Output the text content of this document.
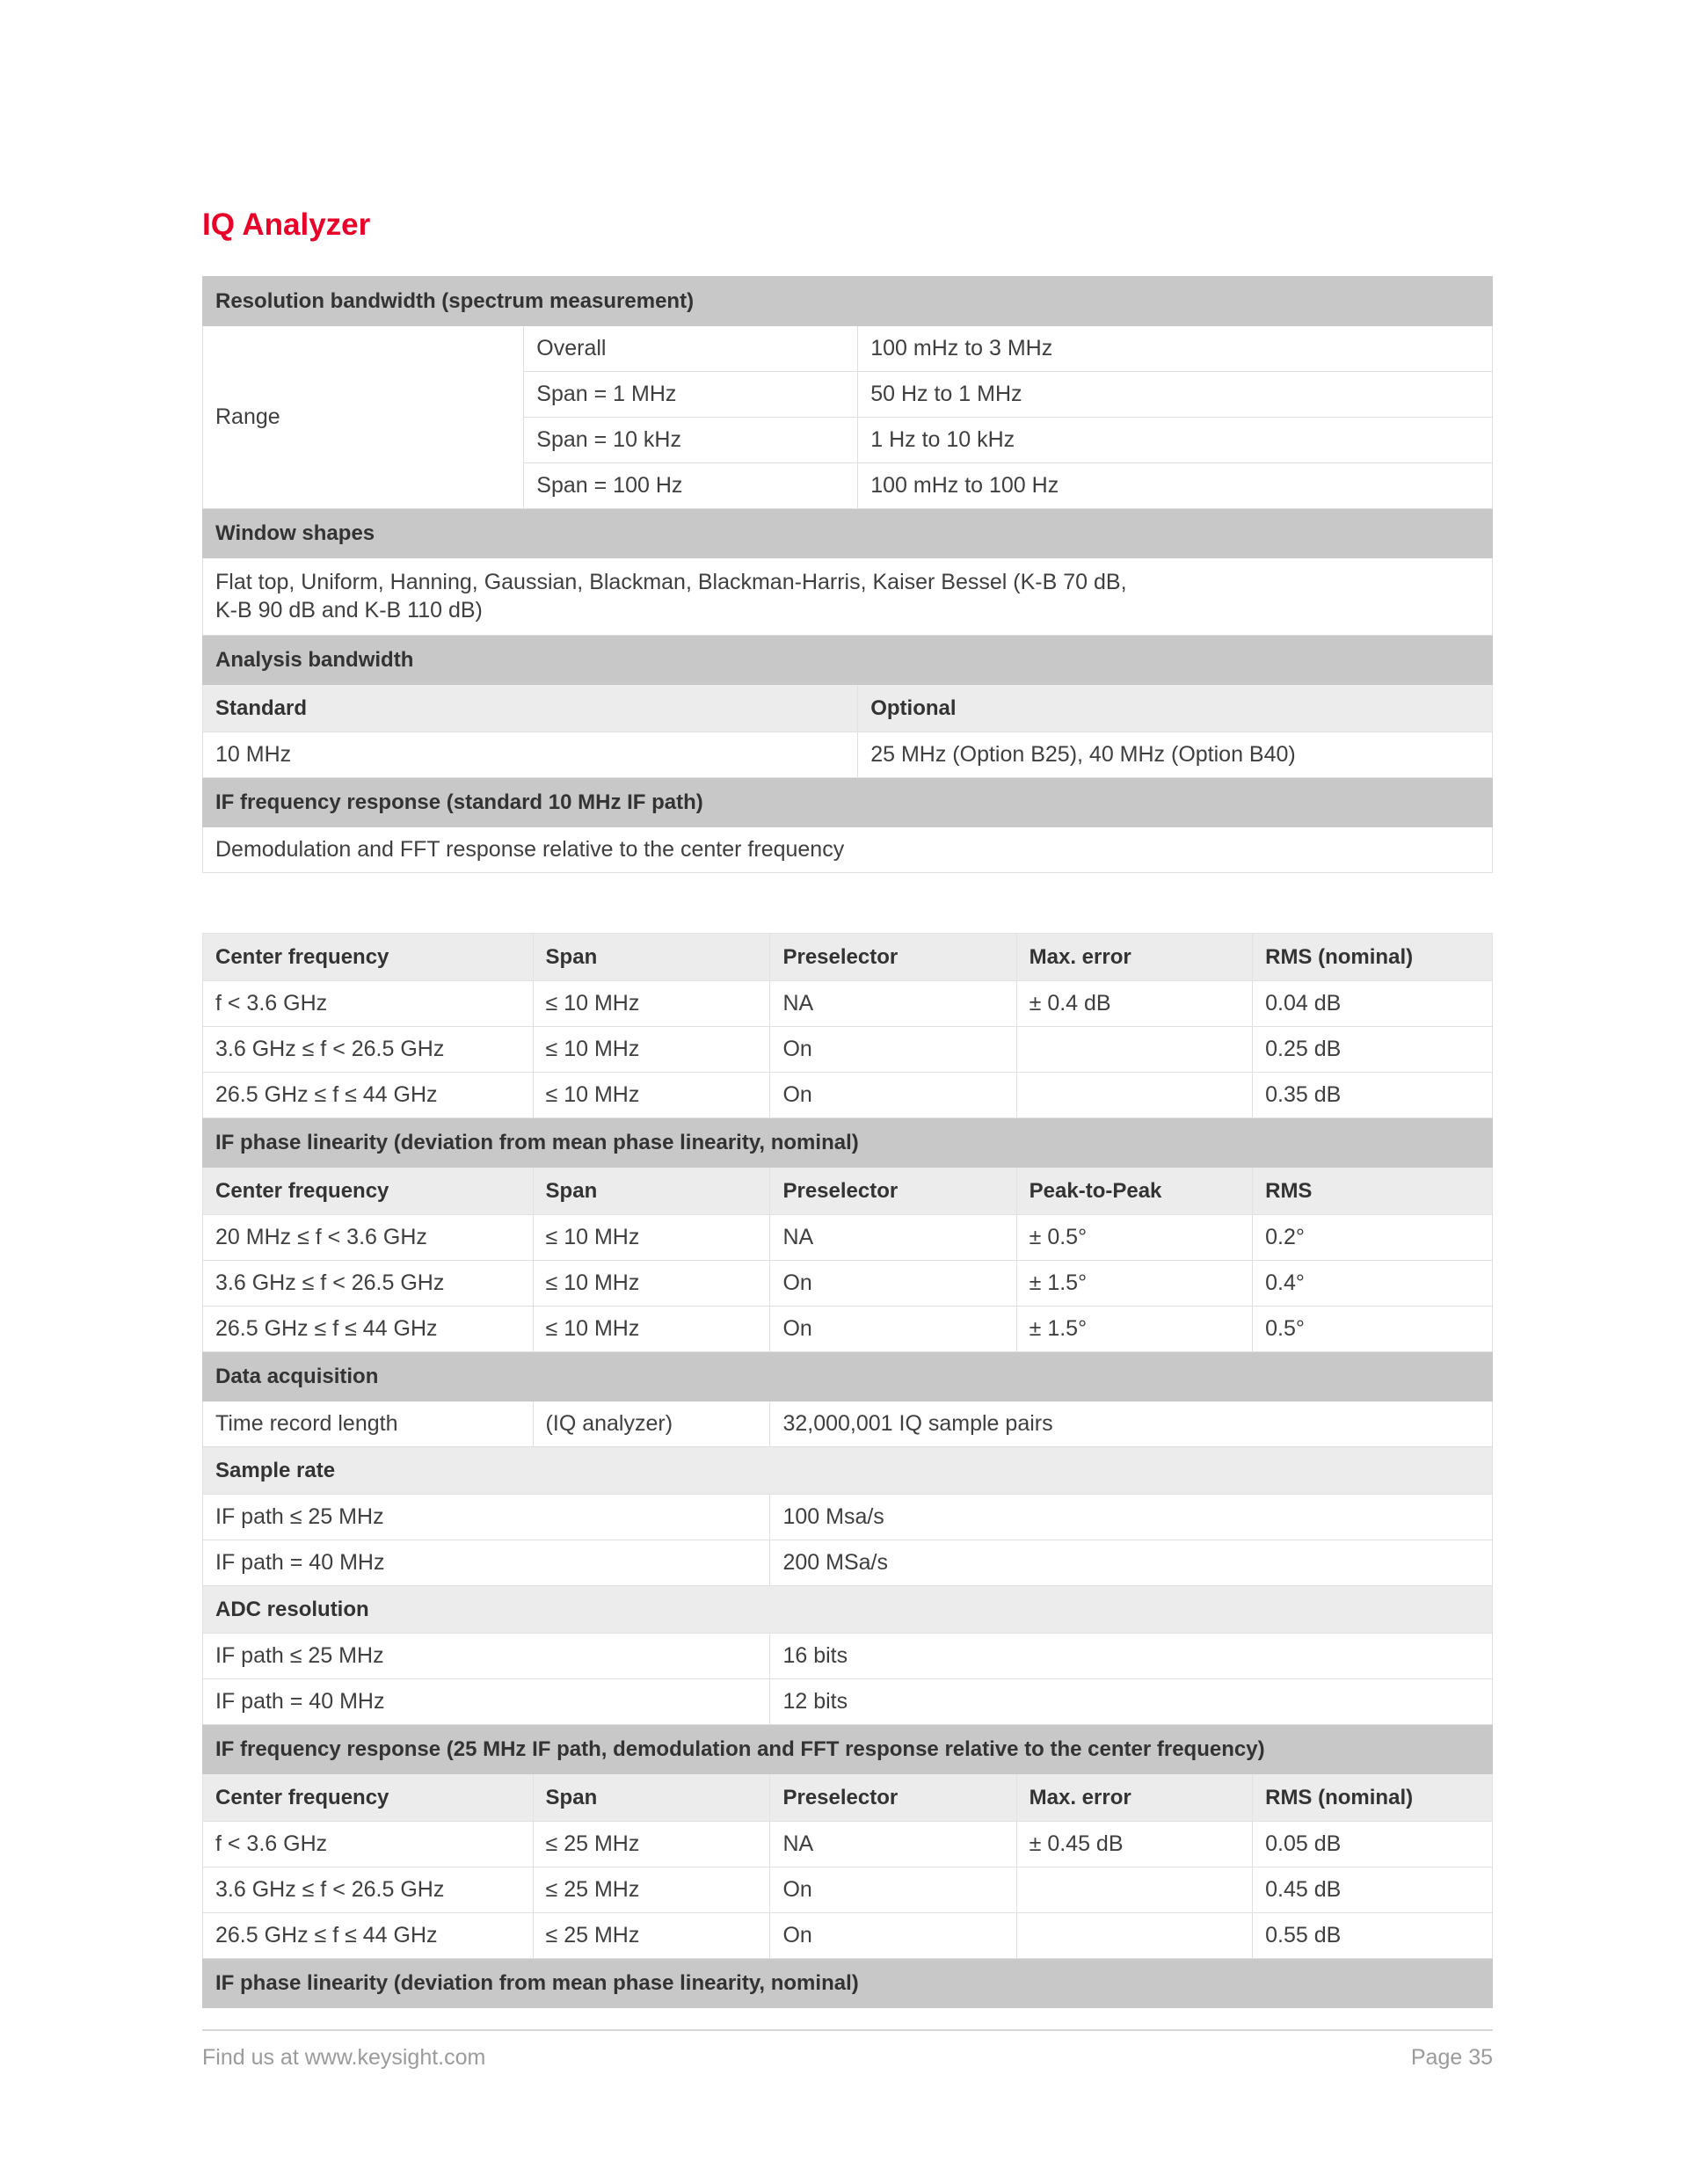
IQ Analyzer
Resolution bandwidth (spectrum measurement)		
Range	Overall	100 mHz to 3 MHz
	Span = 1 MHz	50 Hz to 1 MHz
	Span = 10 kHz	1 Hz to 10 kHz
	Span = 100 Hz	100 mHz to 100 Hz
Window shapes		

Flat top, Uniform, Hanning, Gaussian, Blackman, Blackman-Harris, Kaiser Bessel (K-B 70 dB,
K-B 90 dB and K-B 110 dB)		

Analysis bandwidth		
Standard		Optional
10 MHz		25 MHz (Option B25), 40 MHz (Option B40)
IF frequency response (standard 10 MHz IF path)		
Demodulation and FFT response relative to the center frequency		
Center frequency	Span	Preselector	Max. error	RMS (nominal)
f < 3.6 GHz	≤ 10 MHz	NA	± 0.4 dB	0.04 dB
3.6 GHz ≤ f < 26.5 GHz	≤ 10 MHz	On		0.25 dB
26.5 GHz ≤ f ≤ 44 GHz	≤ 10 MHz	On		0.35 dB
IF phase linearity (deviation from mean phase linearity, nominal)				
Center frequency	Span	Preselector	Peak-to-Peak	RMS
20 MHz ≤ f < 3.6 GHz	≤ 10 MHz	NA	± 0.5°	0.2°
3.6 GHz ≤ f < 26.5 GHz	≤ 10 MHz	On	± 1.5°	0.4°
26.5 GHz ≤ f ≤ 44 GHz	≤ 10 MHz	On	± 1.5°	0.5°
Data acquisition				
Time record length	(IQ analyzer)	32,000,001 IQ sample pairs		
Sample rate				
IF path ≤ 25 MHz		100 Msa/s		
IF path = 40 MHz		200 MSa/s		
ADC resolution				
IF path ≤ 25 MHz		16 bits		
IF path = 40 MHz		12 bits		
IF frequency response (25 MHz IF path, demodulation and FFT response relative to the center frequency)				
Center frequency	Span	Preselector	Max. error	RMS (nominal)
f < 3.6 GHz	≤ 25 MHz	NA	± 0.45 dB	0.05 dB
3.6 GHz ≤ f < 26.5 GHz	≤ 25 MHz	On		0.45 dB
26.5 GHz ≤ f ≤ 44 GHz	≤ 25 MHz	On		0.55 dB
IF phase linearity (deviation from mean phase linearity, nominal)				
Find us at www.keysight.com	Page 35
